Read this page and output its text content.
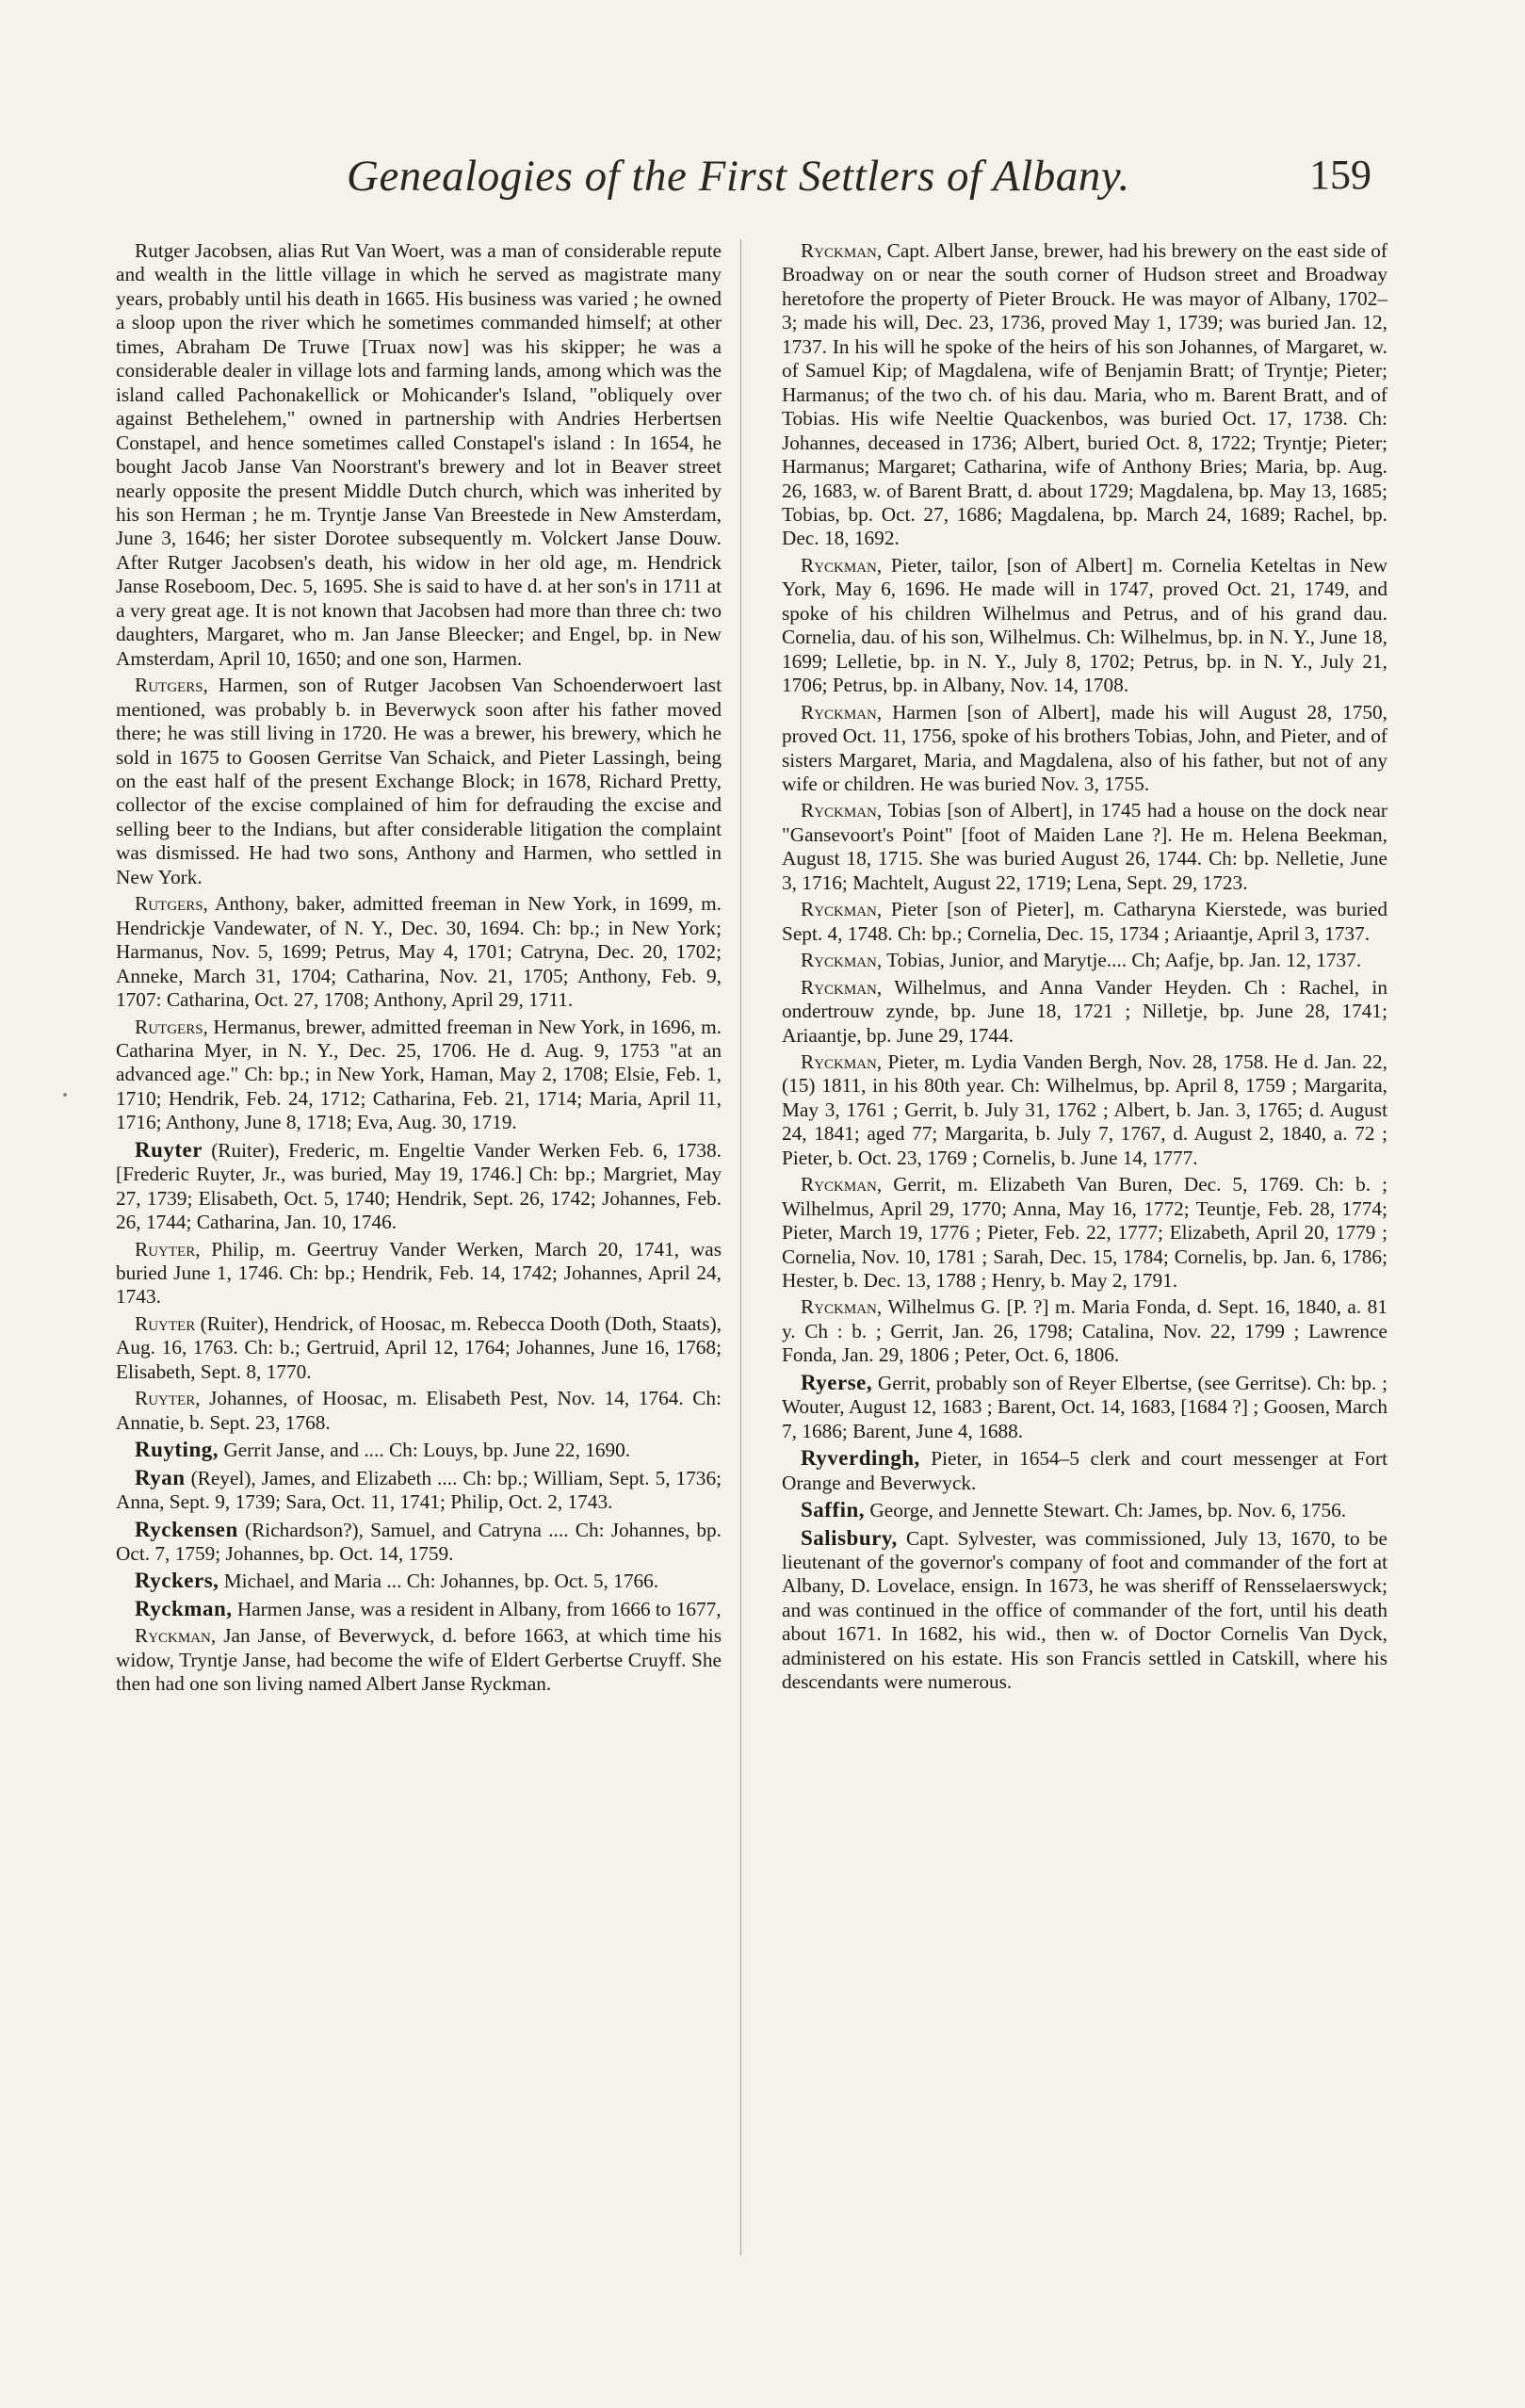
Genealogies of the First Settlers of Albany.	159

Rutger Jacobsen, alias Rut Van Woert, was a man of considerable repute and wealth in the little village in which he served as magistrate many years, probably until his death in 1665. His business was varied ; he owned a sloop upon the river which he sometimes commanded himself; at other times, Abraham De Truwe [Truax now] was his skipper; he was a considerable dealer in village lots and farming lands, among which was the island called Pachonakellick or Mohicander's Island, "obliquely over against Bethelehem," owned in partnership with Andries Herbertsen Constapel, and hence sometimes called Constapel's island : In 1654, he bought Jacob Janse Van Noorstrant's brewery and lot in Beaver street nearly opposite the present Middle Dutch church, which was inherited by his son Herman ; he m. Tryntje Janse Van Breestede in New Amsterdam, June 3, 1646; her sister Dorotee subsequently m. Volckert Janse Douw. After Rutger Jacobsen's death, his widow in her old age, m. Hendrick Janse Roseboom, Dec. 5, 1695. She is said to have d. at her son's in 1711 at a very great age. It is not known that Jacobsen had more than three ch: two daughters, Margaret, who m. Jan Janse Bleecker; and Engel, bp. in New Amsterdam, April 10, 1650; and one son, Harmen.

Rutgers, Harmen, son of Rutger Jacobsen Van Schoenderwoert last mentioned, was probably b. in Beverwyck soon after his father moved there; he was still living in 1720. He was a brewer, his brewery, which he sold in 1675 to Goosen Gerritse Van Schaick, and Pieter Lassingh, being on the east half of the present Exchange Block; in 1678, Richard Pretty, collector of the excise complained of him for defrauding the excise and selling beer to the Indians, but after considerable litigation the complaint was dismissed. He had two sons, Anthony and Harmen, who settled in New York.

Rutgers, Anthony, baker, admitted freeman in New York, in 1699, m. Hendrickje Vandewater, of N. Y., Dec. 30, 1694. Ch: bp.; in New York; Harmanus, Nov. 5, 1699; Petrus, May 4, 1701; Catryna, Dec. 20, 1702; Anneke, March 31, 1704; Catharina, Nov. 21, 1705; Anthony, Feb. 9, 1707: Catharina, Oct. 27, 1708; Anthony, April 29, 1711.

Rutgers, Hermanus, brewer, admitted freeman in New York, in 1696, m. Catharina Myer, in N. Y., Dec. 25, 1706. He d. Aug. 9, 1753 "at an advanced age." Ch: bp.; in New York, Haman, May 2, 1708; Elsie, Feb. 1, 1710; Hendrik, Feb. 24, 1712; Catharina, Feb. 21, 1714; Maria, April 11, 1716; Anthony, June 8, 1718; Eva, Aug. 30, 1719.

Ruyter (Ruiter), Frederic, m. Engeltie Vander Werken Feb. 6, 1738. [Frederic Ruyter, Jr., was buried, May 19, 1746.] Ch: bp.; Margriet, May 27, 1739; Elisabeth, Oct. 5, 1740; Hendrik, Sept. 26, 1742; Johannes, Feb. 26, 1744; Catharina, Jan. 10, 1746.

Ruyter, Philip, m. Geertruy Vander Werken, March 20, 1741, was buried June 1, 1746. Ch: bp.; Hendrik, Feb. 14, 1742; Johannes, April 24, 1743.

Ruyter (Ruiter), Hendrick, of Hoosac, m. Rebecca Dooth (Doth, Staats), Aug. 16, 1763. Ch: b.; Gertruid, April 12, 1764; Johannes, June 16, 1768; Elisabeth, Sept. 8, 1770.

Ruyter, Johannes, of Hoosac, m. Elisabeth Pest, Nov. 14, 1764. Ch: Annatie, b. Sept. 23, 1768.

Ruyting, Gerrit Janse, and .... Ch: Louys, bp. June 22, 1690.

Ryan (Reyel), James, and Elizabeth .... Ch: bp.; William, Sept. 5, 1736; Anna, Sept. 9, 1739; Sara, Oct. 11, 1741; Philip, Oct. 2, 1743.

Ryckensen (Richardson?), Samuel, and Catryna .... Ch: Johannes, bp. Oct. 7, 1759; Johannes, bp. Oct. 14, 1759.

Ryckers, Michael, and Maria ... Ch: Johannes, bp. Oct. 5, 1766.

Ryckman, Harmen Janse, was a resident in Albany, from 1666 to 1677,

Ryckman, Jan Janse, of Beverwyck, d. before 1663, at which time his widow, Tryntje Janse, had become the wife of Eldert Gerbertse Cruyff. She then had one son living named Albert Janse Ryckman.

Ryckman, Capt. Albert Janse, brewer, had his brewery on the east side of Broadway on or near the south corner of Hudson street and Broadway heretofore the property of Pieter Brouck. He was mayor of Albany, 1702–3; made his will, Dec. 23, 1736, proved May 1, 1739; was buried Jan. 12, 1737. In his will he spoke of the heirs of his son Johannes, of Margaret, w. of Samuel Kip; of Magdalena, wife of Benjamin Bratt; of Tryntje; Pieter; Harmanus; of the two ch. of his dau. Maria, who m. Barent Bratt, and of Tobias. His wife Neeltie Quackenbos, was buried Oct. 17, 1738. Ch: Johannes, deceased in 1736; Albert, buried Oct. 8, 1722; Tryntje; Pieter; Harmanus; Margaret; Catharina, wife of Anthony Bries; Maria, bp. Aug. 26, 1683, w. of Barent Bratt, d. about 1729; Magdalena, bp. May 13, 1685; Tobias, bp. Oct. 27, 1686; Magdalena, bp. March 24, 1689; Rachel, bp. Dec. 18, 1692.

Ryckman, Pieter, tailor, [son of Albert] m. Cornelia Keteltas in New York, May 6, 1696. He made will in 1747, proved Oct. 21, 1749, and spoke of his children Wilhelmus and Petrus, and of his grand dau. Cornelia, dau. of his son, Wilhelmus. Ch: Wilhelmus, bp. in N. Y., June 18, 1699; Lelletie, bp. in N. Y., July 8, 1702; Petrus, bp. in N. Y., July 21, 1706; Petrus, bp. in Albany, Nov. 14, 1708.

Ryckman, Harmen [son of Albert], made his will August 28, 1750, proved Oct. 11, 1756, spoke of his brothers Tobias, John, and Pieter, and of sisters Margaret, Maria, and Magdalena, also of his father, but not of any wife or children. He was buried Nov. 3, 1755.

Ryckman, Tobias [son of Albert], in 1745 had a house on the dock near "Gansevoort's Point" [foot of Maiden Lane ?]. He m. Helena Beekman, August 18, 1715. She was buried August 26, 1744. Ch: bp. Nelletie, June 3, 1716; Machtelt, August 22, 1719; Lena, Sept. 29, 1723.

Ryckman, Pieter [son of Pieter], m. Catharyna Kierstede, was buried Sept. 4, 1748. Ch: bp.; Cornelia, Dec. 15, 1734 ; Ariaantje, April 3, 1737.

Ryckman, Tobias, Junior, and Marytje.... Ch; Aafje, bp. Jan. 12, 1737.

Ryckman, Wilhelmus, and Anna Vander Heyden. Ch : Rachel, in ondertrouw zynde, bp. June 18, 1721 ; Nilletje, bp. June 28, 1741; Ariaantje, bp. June 29, 1744.

Ryckman, Pieter, m. Lydia Vanden Bergh, Nov. 28, 1758. He d. Jan. 22, (15) 1811, in his 80th year. Ch: Wilhelmus, bp. April 8, 1759 ; Margarita, May 3, 1761 ; Gerrit, b. July 31, 1762 ; Albert, b. Jan. 3, 1765; d. August 24, 1841; aged 77; Margarita, b. July 7, 1767, d. August 2, 1840, a. 72 ; Pieter, b. Oct. 23, 1769 ; Cornelis, b. June 14, 1777.

Ryckman, Gerrit, m. Elizabeth Van Buren, Dec. 5, 1769. Ch: b. ; Wilhelmus, April 29, 1770; Anna, May 16, 1772; Teuntje, Feb. 28, 1774; Pieter, March 19, 1776 ; Pieter, Feb. 22, 1777; Elizabeth, April 20, 1779 ; Cornelia, Nov. 10, 1781 ; Sarah, Dec. 15, 1784; Cornelis, bp. Jan. 6, 1786; Hester, b. Dec. 13, 1788 ; Henry, b. May 2, 1791.

Ryckman, Wilhelmus G. [P. ?] m. Maria Fonda, d. Sept. 16, 1840, a. 81 y. Ch : b. ; Gerrit, Jan. 26, 1798; Catalina, Nov. 22, 1799 ; Lawrence Fonda, Jan. 29, 1806 ; Peter, Oct. 6, 1806.

Ryerse, Gerrit, probably son of Reyer Elbertse, (see Gerritse). Ch: bp. ; Wouter, August 12, 1683 ; Barent, Oct. 14, 1683, [1684 ?] ; Goosen, March 7, 1686; Barent, June 4, 1688.

Ryverdingh, Pieter, in 1654–5 clerk and court messenger at Fort Orange and Beverwyck.

Saffin, George, and Jennette Stewart. Ch: James, bp. Nov. 6, 1756.

Salisbury, Capt. Sylvester, was commissioned, July 13, 1670, to be lieutenant of the governor's company of foot and commander of the fort at Albany, D. Lovelace, ensign. In 1673, he was sheriff of Rensselaerswyck; and was continued in the office of commander of the fort, until his death about 1671. In 1682, his wid., then w. of Doctor Cornelis Van Dyck, administered on his estate. His son Francis settled in Catskill, where his descendants were numerous.
